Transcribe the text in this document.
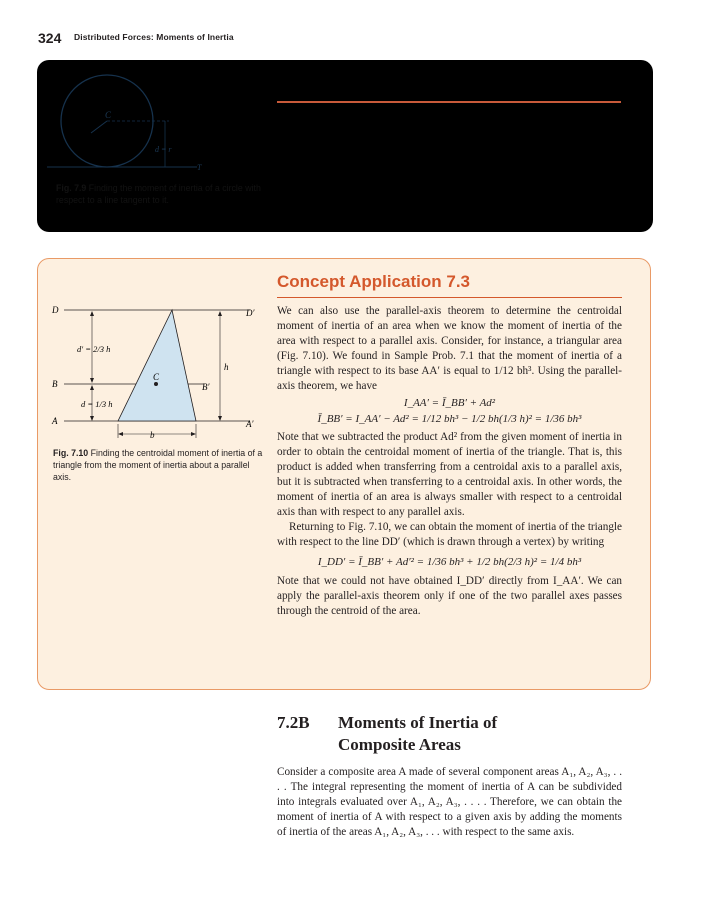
324 Distributed Forces: Moments of Inertia
C
d = r
T
Fig. 7.9 Finding the moment of inertia of a circle with respect to a line tangent to it.
Concept Application 7.3
D	D′
B	B′
A	A′
C
h
b
d′ = 2/3 h
d = 1/3 h
Fig. 7.10 Finding the centroidal moment of inertia of a triangle from the moment of inertia about a parallel axis.

We can also use the parallel-axis theorem to determine the centroidal moment of inertia of an area when we know the moment of inertia of the area with respect to a parallel axis. Consider, for instance, a triangular area (Fig. 7.10). We found in Sample Prob. 7.1 that the moment of inertia of a triangle with respect to its base AA′ is equal to 1/12 bh³. Using the parallel-axis theorem, we have

I_AA′ = Ī_BB′ + Ad²
Ī_BB′ = I_AA′ − Ad² = 1/12 bh³ − 1/2 bh(1/3 h)² = 1/36 bh³

Note that we subtracted the product Ad² from the given moment of inertia in order to obtain the centroidal moment of inertia of the triangle. That is, this product is added when transferring from a centroidal axis to a parallel axis, but it is subtracted when transferring to a centroidal axis. In other words, the moment of inertia of an area is always smaller with respect to a centroidal axis than with respect to any parallel axis.

Returning to Fig. 7.10, we can obtain the moment of inertia of the triangle with respect to the line DD′ (which is drawn through a vertex) by writing

I_DD′ = Ī_BB′ + Ad′² = 1/36 bh³ + 1/2 bh(2/3 h)² = 1/4 bh³

Note that we could not have obtained I_DD′ directly from I_AA′. We can apply the parallel-axis theorem only if one of the two parallel axes passes through the centroid of the area.

7.2B Moments of Inertia of
Composite Areas

Consider a composite area A made of several component areas A₁, A₂, A₃, . . . . The integral representing the moment of inertia of A can be subdivided into integrals evaluated over A₁, A₂, A₃, . . . . Therefore, we can obtain the moment of inertia of A with respect to a given axis by adding the moments of inertia of the areas A₁, A₂, A₃, . . . with respect to the same axis.
